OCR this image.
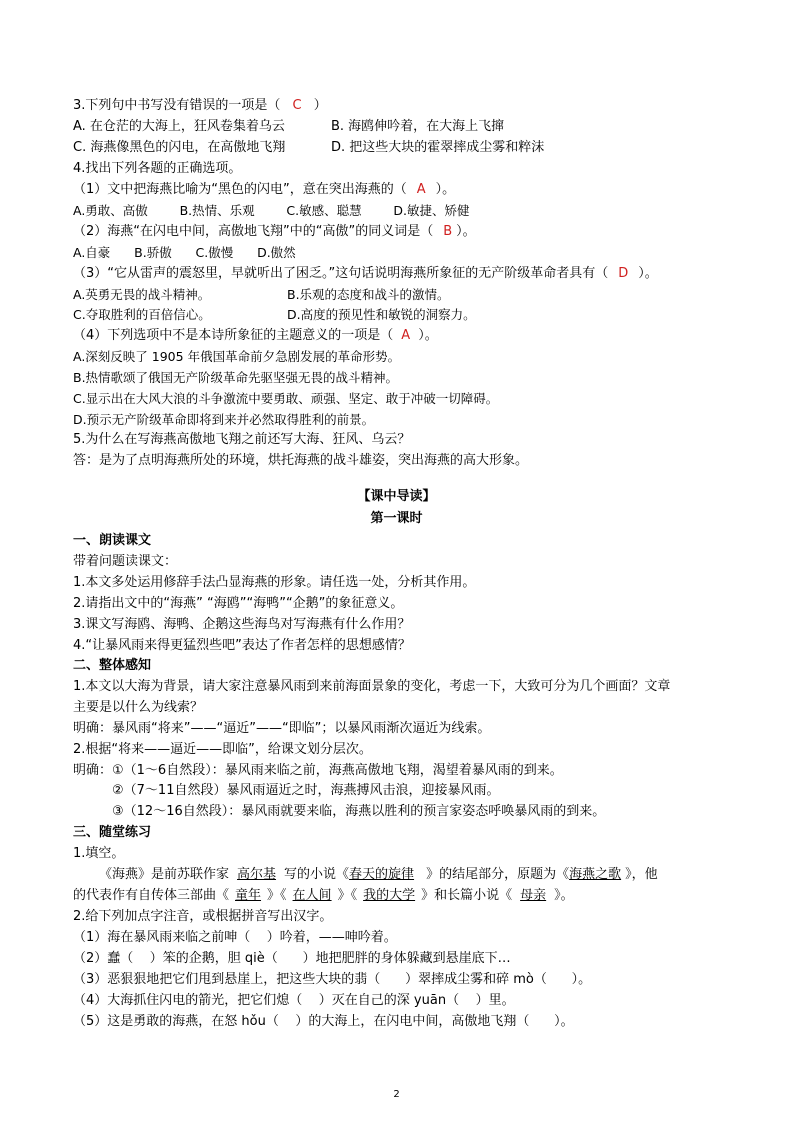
3.下列句中书写没有错误的一项是（ C ）
A. 在仓茫的大海上，狂风卷集着乌云	B. 海鸥伸吟着，在大海上飞撺
C. 海燕像黑色的闪电，在高傲地飞翔	D. 把这些大块的霍翠摔成尘雾和粹沫
4.找出下列各题的正确选项。
（1）文中把海燕比喻为“黑色的闪电”，意在突出海燕的（ A ）。
A.勇敢、高傲        B.热情、乐观        C.敏感、聪慧        D.敏捷、矫健
（2）海燕“在闪电中间，高傲地飞翔”中的“高傲”的同义词是（ B ）。
A.自豪      B.骄傲      C.傲慢      D.傲然
（3）“它从雷声的震怒里，早就听出了困乏。”这句话说明海燕所象征的无产阶级革命者具有（ D ）。
A.英勇无畏的战斗精神。	B.乐观的态度和战斗的激情。
C.夺取胜利的百倍信心。	D.高度的预见性和敏锐的洞察力。
（4）下列选项中不是本诗所象征的主题意义的一项是（ A ）。
A.深刻反映了 1905 年俄国革命前夕急剧发展的革命形势。
B.热情歌颂了俄国无产阶级革命先驱坚强无畏的战斗精神。
C.显示出在大风大浪的斗争激流中要勇敢、顽强、坚定、敢于冲破一切障碍。
D.预示无产阶级革命即将到来并必然取得胜利的前景。
5.为什么在写海燕高傲地飞翔之前还写大海、狂风、乌云？
答：是为了点明海燕所处的环境，烘托海燕的战斗雄姿，突出海燕的高大形象。
【课中导读】
第一课时
一、朗读课文
带着问题读课文：
1.本文多处运用修辞手法凸显海燕的形象。请任选一处，分析其作用。
2.请指出文中的“海燕” “海鸥”“海鸭”“企鹅”的象征意义。
3.课文写海鸥、海鸭、企鹅这些海鸟对写海燕有什么作用？
4.“让暴风雨来得更猛烈些吧”表达了作者怎样的思想感情？
二、整体感知
1.本文以大海为背景，请大家注意暴风雨到来前海面景象的变化，考虑一下，大致可分为几个画面？文章
主要是以什么为线索？
明确：暴风雨“将来”——“逼近”——“即临”；以暴风雨渐次逼近为线索。
2.根据“将来——逼近——即临”，给课文划分层次。
明确：①（1～6自然段）：暴风雨来临之前，海燕高傲地飞翔，渴望着暴风雨的到来。
②（7～11自然段）暴风雨逼近之时，海燕搏风击浪，迎接暴风雨。
③（12～16自然段）：暴风雨就要来临，海燕以胜利的预言家姿态呼唤暴风雨的到来。
三、随堂练习
1.填空。
《海燕》是前苏联作家 高尔基 写的小说《春天的旋律 》的结尾部分，原题为《海燕之歌 》，他
的代表作有自传体三部曲《 童年 》《 在人间 》《 我的大学 》和长篇小说《 母亲 》。
2.给下列加点字注音，或根据拼音写出汉字。
（1）海在暴风雨来临之前呻（    ）吟着，——呻吟着。
（2）蠢（    ）笨的企鹅，胆 qiè（      ）地把肥胖的身体躲藏到悬崖底下…
（3）恶狠狠地把它们甩到悬崖上，把这些大块的翡（      ）翠摔成尘雾和碎 mò（      ）。
（4）大海抓住闪电的箭光，把它们熄（    ）灭在自己的深 yuān（    ）里。
（5）这是勇敢的海燕，在怒 hǒu（    ）的大海上，在闪电中间，高傲地飞翔（      ）。
2
